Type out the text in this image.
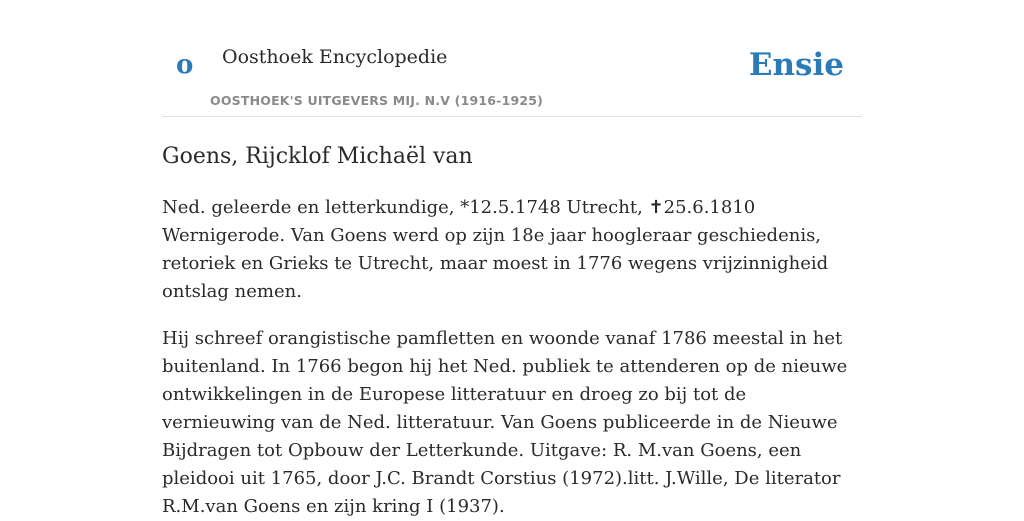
o Oosthoek Encyclopedie
OOSTHOEK'S UITGEVERS MIJ. N.V (1916-1925)
Ensie
Goens, Rijcklof Michaël van

Ned. geleerde en letterkundige, *12.5.1748 Utrecht, ✝25.6.1810 Wernigerode. Van Goens werd op zijn 18e jaar hoogleraar geschiedenis, retoriek en Grieks te Utrecht, maar moest in 1776 wegens vrijzinnigheid ontslag nemen.

Hij schreef orangistische pamfletten en woonde vanaf 1786 meestal in het buitenland. In 1766 begon hij het Ned. publiek te attenderen op de nieuwe ontwikkelingen in de Europese litteratuur en droeg zo bij tot de vernieuwing van de Ned. litteratuur. Van Goens publiceerde in de Nieuwe Bijdragen tot Opbouw der Letterkunde. Uitgave: R. M.van Goens, een pleidooi uit 1765, door J.C. Brandt Corstius (1972).litt. J.Wille, De literator R.M.van Goens en zijn kring I (1937).
